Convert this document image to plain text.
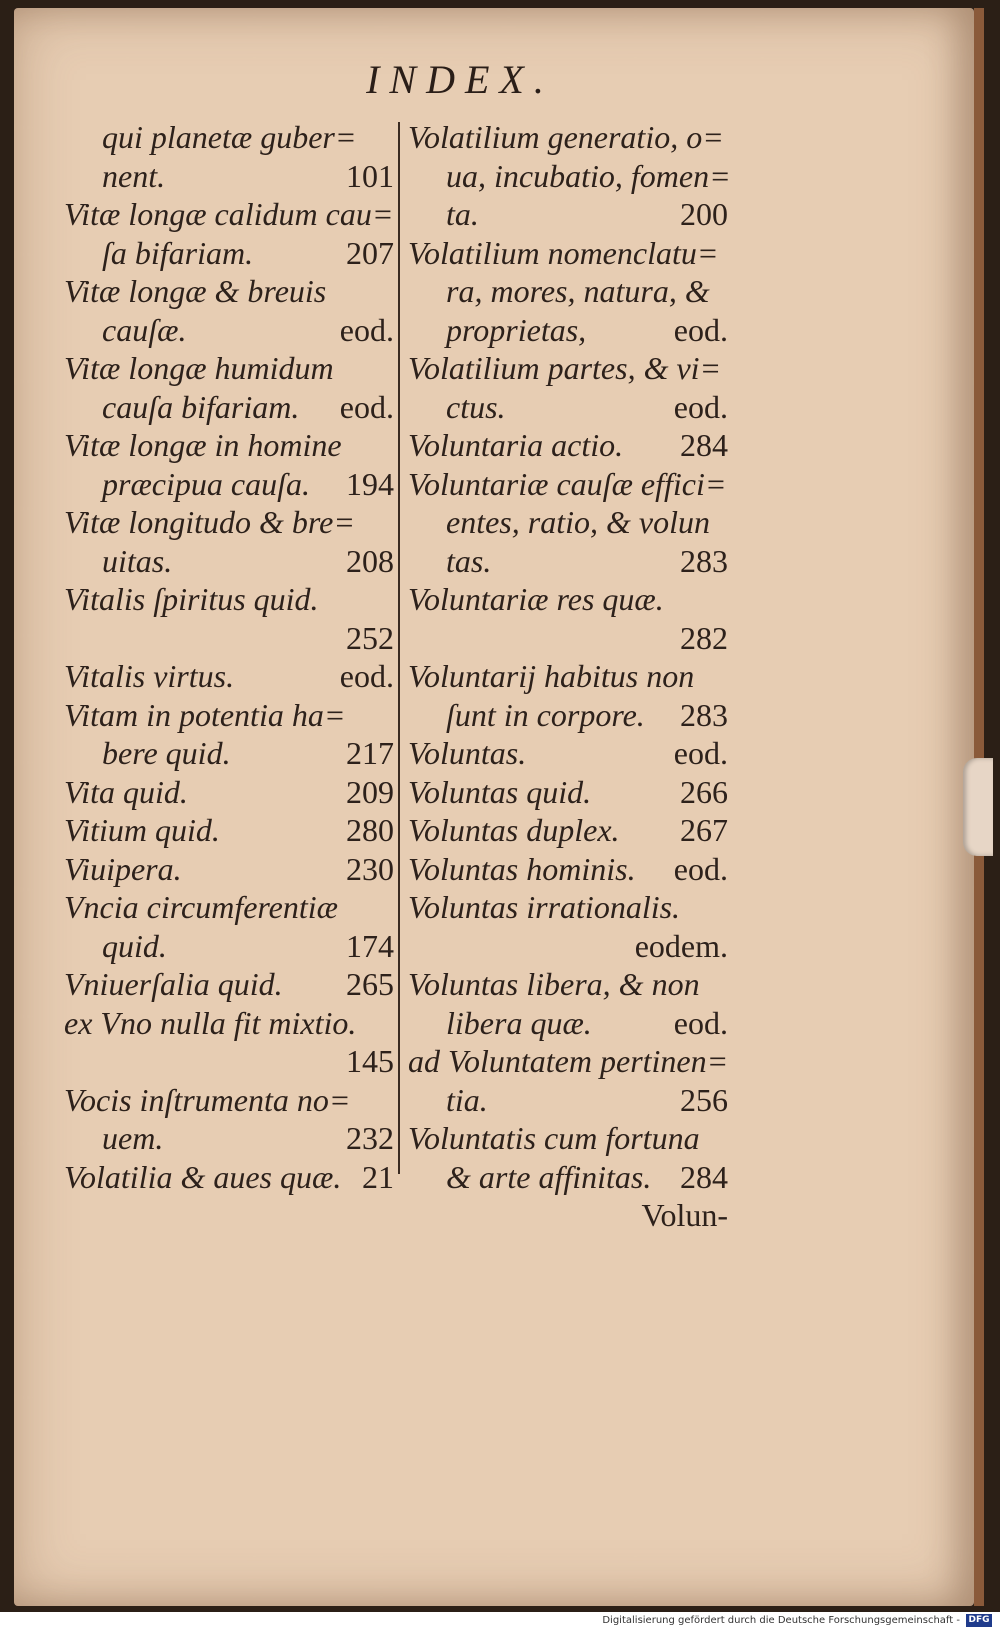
INDEX.
qui planetæ guber=
nent.	101
Vitæ longæ calidum cau=
ſa bifariam.	207
Vitæ longæ & breuis
cauſæ.	eod.
Vitæ longæ humidum
cauſa bifariam. eod.
Vitæ longæ in homine
præcipua cauſa. 194
Vitæ longitudo & bre=
uitas.	208
Vitalis ſpiritus quid.
252
Vitalis virtus.	eod.
Vitam in potentia ha=
bere quid.	217
Vita quid.	209
Vitium quid.	280
Viuipera.	230
Vncia circumferentiæ
quid.	174
Vniuerſalia quid. 265
ex Vno nulla fit mixtio.
145
Vocis inſtrumenta no=
uem.	232
Volatilia & aues quæ. 21
Volatilium generatio, o=
ua, incubatio, fomen=
ta.	200
Volatilium nomenclatu=
ra, mores, natura, &
proprietas,	eod.
Volatilium partes, & vi=
ctus.	eod.
Voluntaria actio. 284
Voluntariæ cauſæ effici=
entes, ratio, & volun
tas.	283
Voluntariæ res quæ.
282
Voluntarij habitus non
ſunt in corpore. 283
Voluntas.	eod.
Voluntas quid.	266
Voluntas duplex. 267
Voluntas hominis. eod.
Voluntas irrationalis.
eodem.
Voluntas libera, & non
libera quæ.	eod.
ad Voluntatem pertinen=
tia.	256
Voluntatis cum fortuna
& arte affinitas. 284
Volun-
Digitalisierung gefördert durch die Deutsche Forschungsgemeinschaft - DFG
